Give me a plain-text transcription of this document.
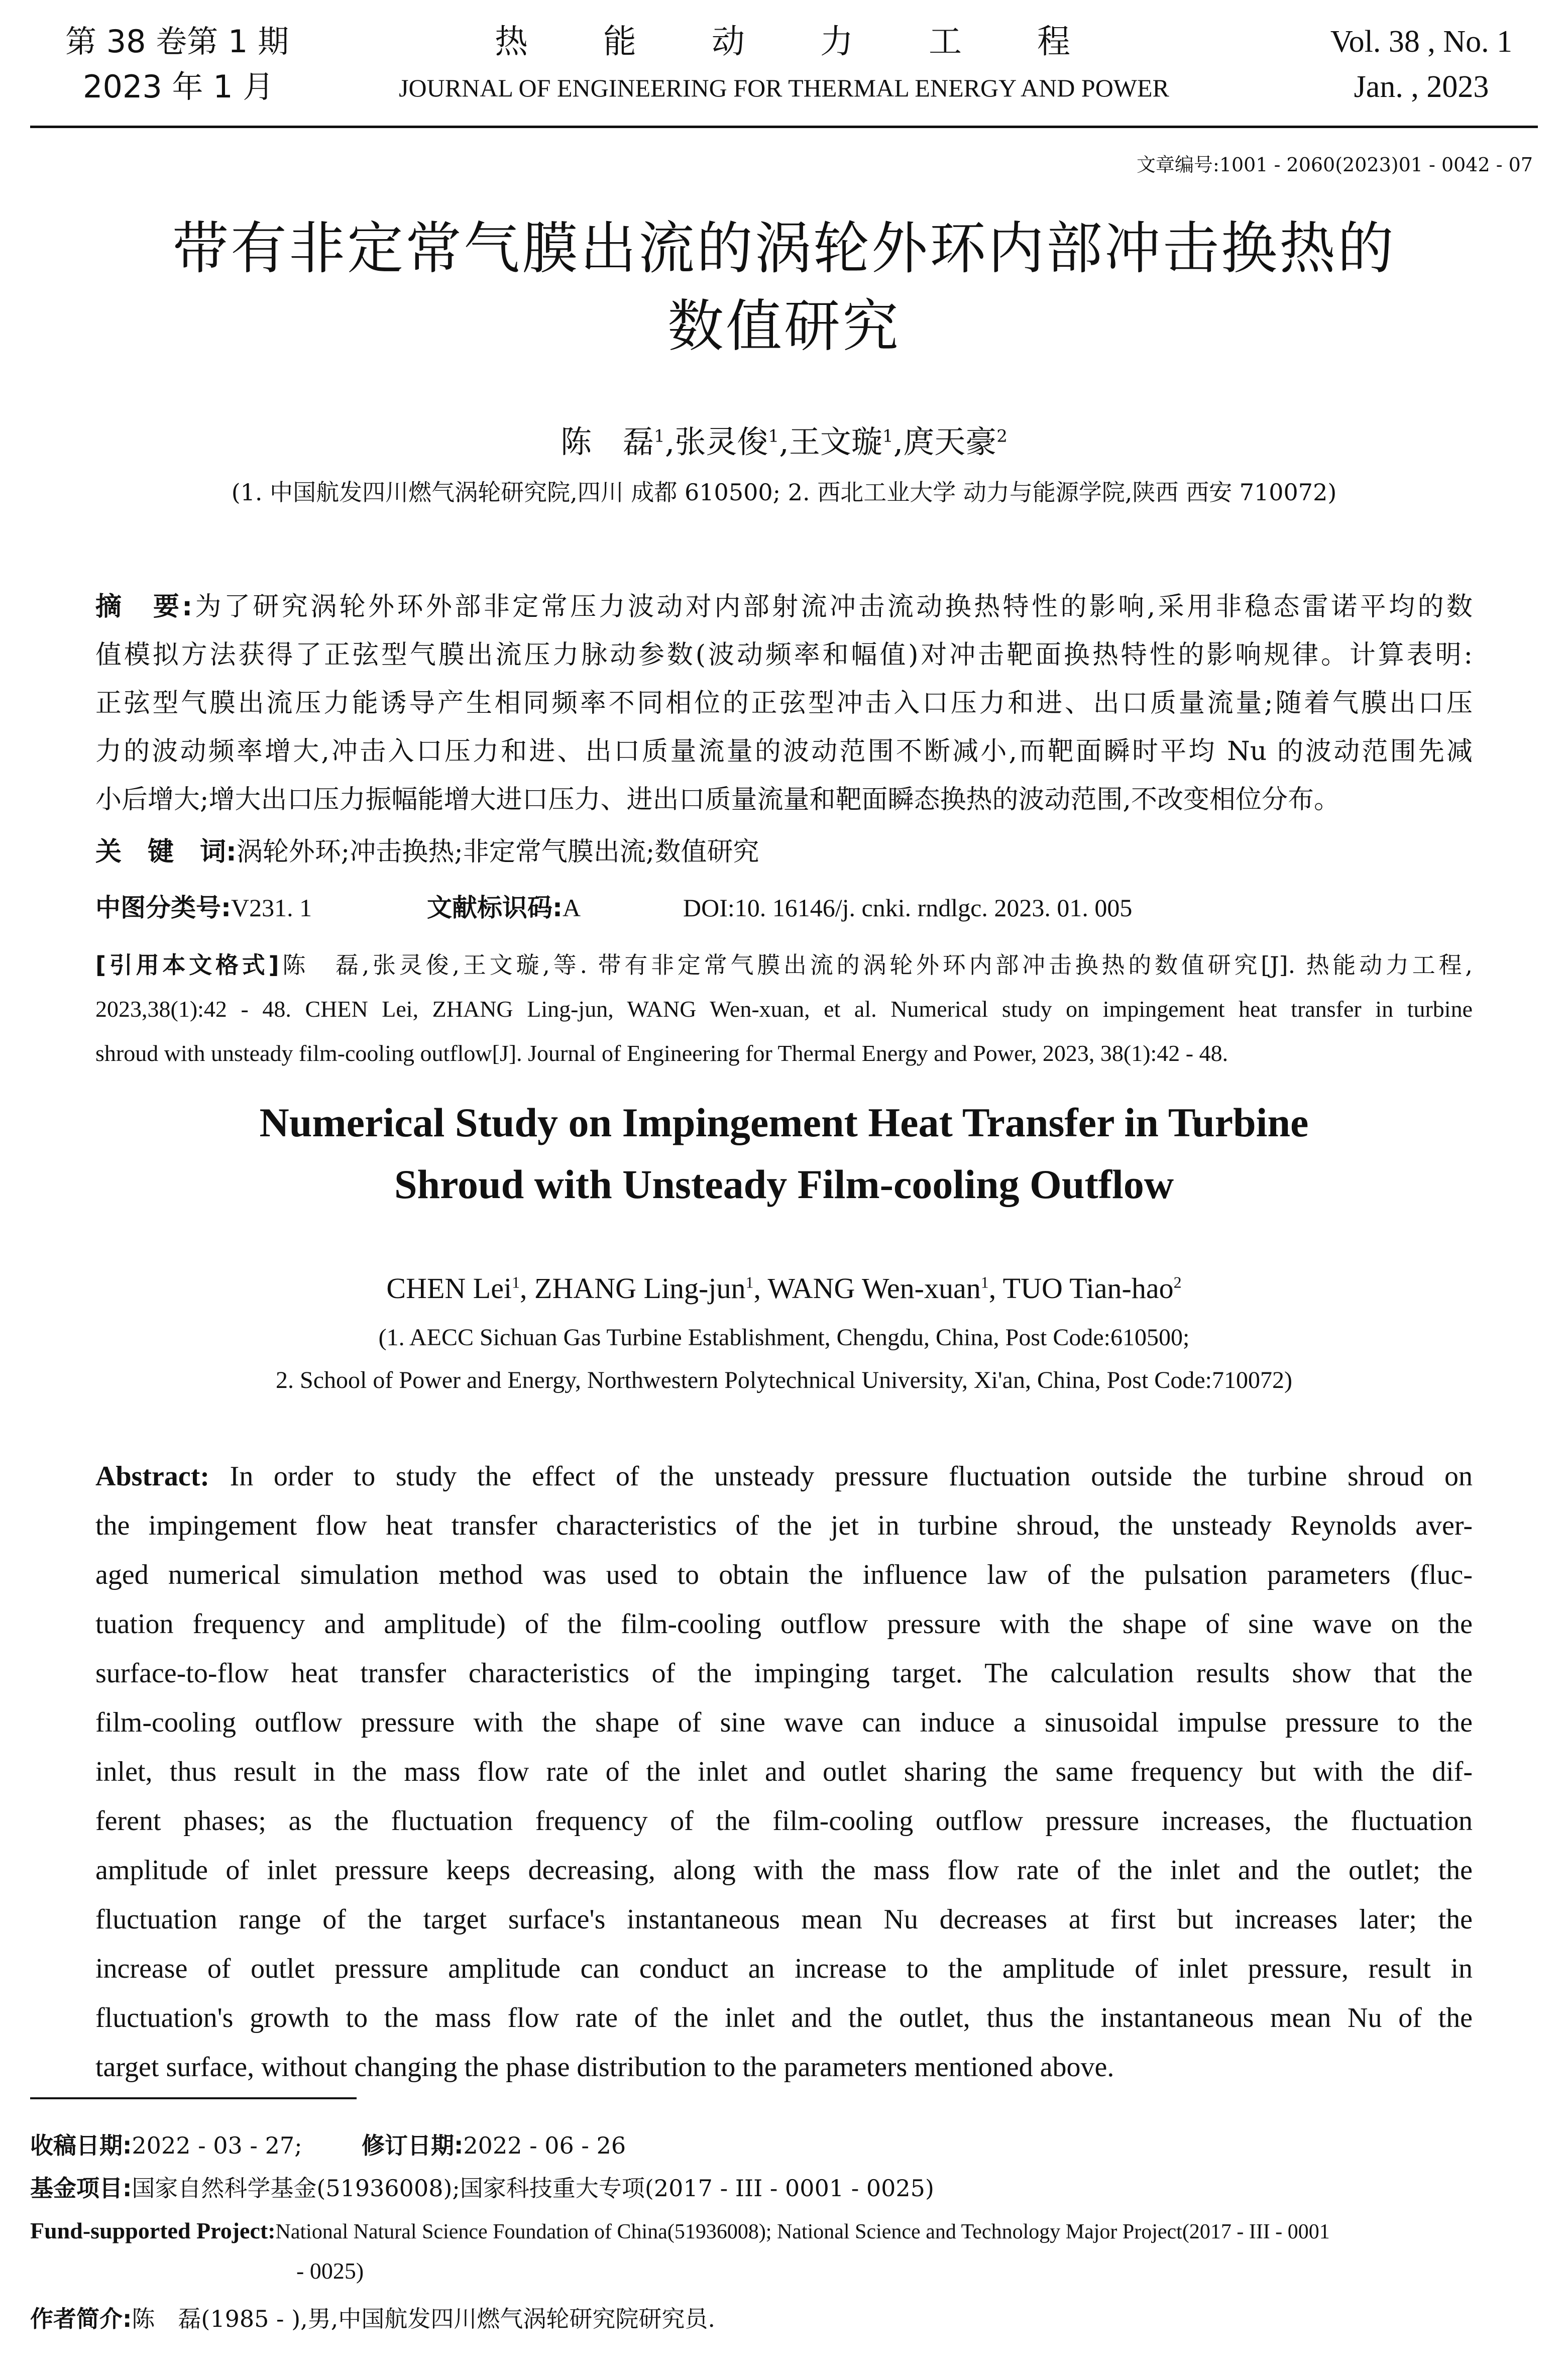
第 38 卷第 1 期
2023 年 1 月
热　　能　　动　　力　　工　　程
JOURNAL OF ENGINEERING FOR THERMAL ENERGY AND POWER
Vol. 38 , No. 1
Jan. , 2023
文章编号:1001 - 2060(2023)01 - 0042 - 07
带有非定常气膜出流的涡轮外环内部冲击换热的
数值研究
陈　磊$^1$,张灵俊$^1$,王文璇$^1$,庹天豪$^2$
(1. 中国航发四川燃气涡轮研究院,四川 成都 610500; 2. 西北工业大学 动力与能源学院,陕西 西安 710072)
摘　要:为了研究涡轮外环外部非定常压力波动对内部射流冲击流动换热特性的影响,采用非稳态雷诺平均的数
值模拟方法获得了正弦型气膜出流压力脉动参数(波动频率和幅值)对冲击靶面换热特性的影响规律。计算表明:
正弦型气膜出流压力能诱导产生相同频率不同相位的正弦型冲击入口压力和进、出口质量流量;随着气膜出口压
力的波动频率增大,冲击入口压力和进、出口质量流量的波动范围不断减小,而靶面瞬时平均 Nu 的波动范围先减
小后增大;增大出口压力振幅能增大进口压力、进出口质量流量和靶面瞬态换热的波动范围,不改变相位分布。
关　键　词:涡轮外环;冲击换热;非定常气膜出流;数值研究
中图分类号:V231. 1	文献标识码:A	DOI:10. 16146/j. cnki. rndlgc. 2023. 01. 005
[引用本文格式]陈　磊,张灵俊,王文璇,等. 带有非定常气膜出流的涡轮外环内部冲击换热的数值研究[J]. 热能动力工程,
2023,38(1):42 - 48. CHEN Lei, ZHANG Ling-jun, WANG Wen-xuan, et al. Numerical study on impingement heat transfer in turbine
shroud with unsteady film-cooling outflow[J]. Journal of Engineering for Thermal Energy and Power, 2023, 38(1):42 - 48.
Numerical Study on Impingement Heat Transfer in Turbine
Shroud with Unsteady Film-cooling Outflow
CHEN Lei$^1$, ZHANG Ling-jun$^1$, WANG Wen-xuan$^1$, TUO Tian-hao$^2$
(1. AECC Sichuan Gas Turbine Establishment, Chengdu, China, Post Code:610500;
2. School of Power and Energy, Northwestern Polytechnical University, Xi'an, China, Post Code:710072)
Abstract: In order to study the effect of the unsteady pressure fluctuation outside the turbine shroud on
the impingement flow heat transfer characteristics of the jet in turbine shroud, the unsteady Reynolds aver-
aged numerical simulation method was used to obtain the influence law of the pulsation parameters (fluc-
tuation frequency and amplitude) of the film-cooling outflow pressure with the shape of sine wave on the
surface-to-flow heat transfer characteristics of the impinging target. The calculation results show that the
film-cooling outflow pressure with the shape of sine wave can induce a sinusoidal impulse pressure to the
inlet, thus result in the mass flow rate of the inlet and outlet sharing the same frequency but with the dif-
ferent phases; as the fluctuation frequency of the film-cooling outflow pressure increases, the fluctuation
amplitude of inlet pressure keeps decreasing, along with the mass flow rate of the inlet and the outlet; the
fluctuation range of the target surface's instantaneous mean Nu decreases at first but increases later; the
increase of outlet pressure amplitude can conduct an increase to the amplitude of inlet pressure, result in
fluctuation's growth to the mass flow rate of the inlet and the outlet, thus the instantaneous mean Nu of the
target surface, without changing the phase distribution to the parameters mentioned above.
收稿日期:2022 - 03 - 27;	修订日期:2022 - 06 - 26
基金项目:国家自然科学基金(51936008);国家科技重大专项(2017 - III - 0001 - 0025)
Fund-supported Project:National Natural Science Foundation of China(51936008); National Science and Technology Major Project(2017 - III - 0001
- 0025)
作者简介:陈　磊(1985 - ),男,中国航发四川燃气涡轮研究院研究员.
